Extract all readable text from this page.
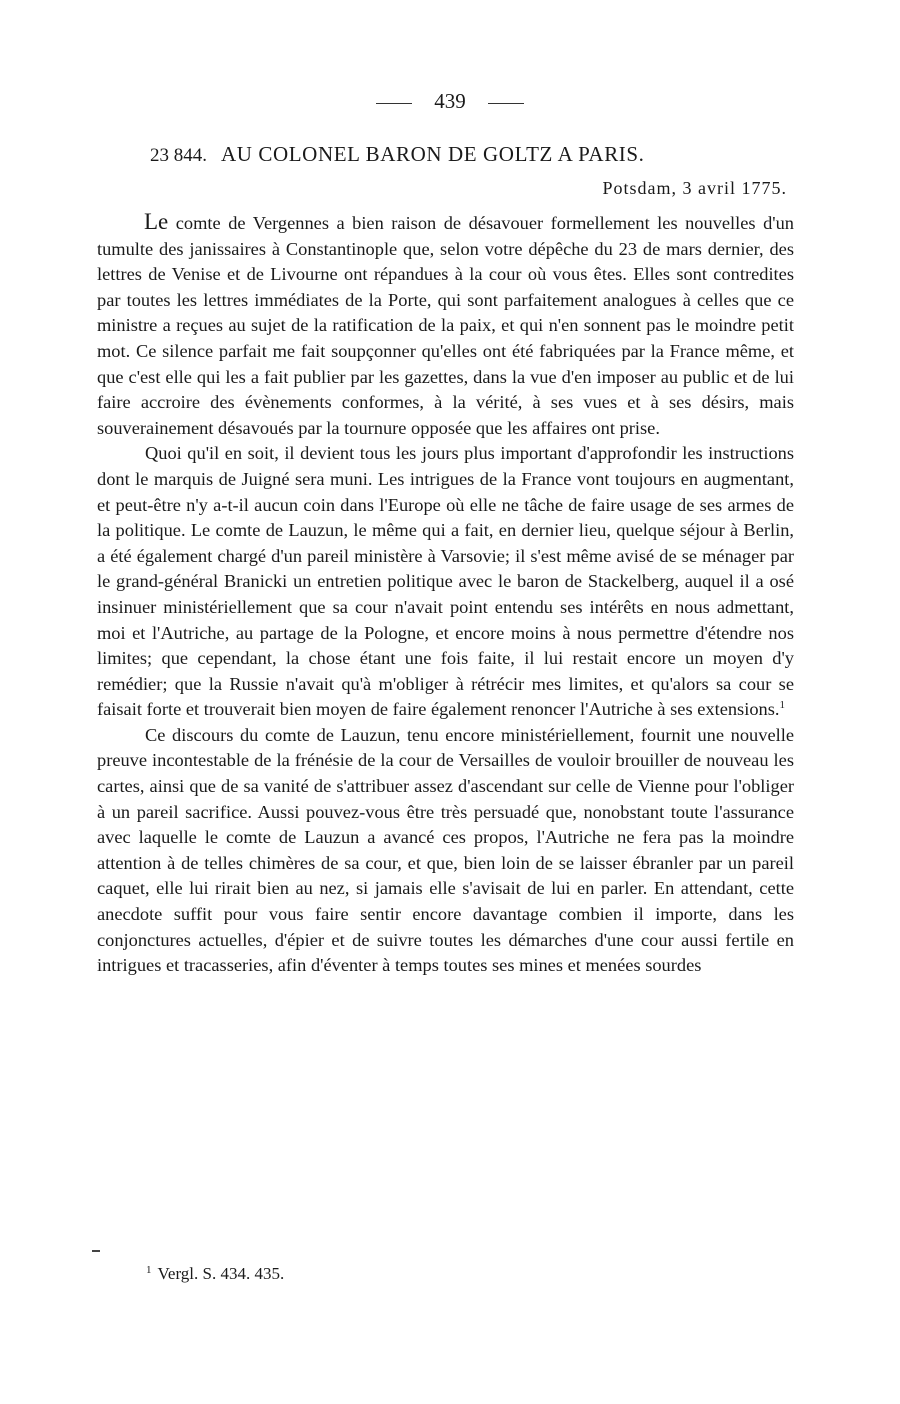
439
23 844. AU COLONEL BARON DE GOLTZ A PARIS.
Potsdam, 3 avril 1775.

Le comte de Vergennes a bien raison de désavouer formellement les nouvelles d'un tumulte des janissaires à Constantinople que, selon votre dépêche du 23 de mars dernier, des lettres de Venise et de Livourne ont répandues à la cour où vous êtes. Elles sont contredites par toutes les lettres immédiates de la Porte, qui sont parfaitement analogues à celles que ce ministre a reçues au sujet de la ratification de la paix, et qui n'en sonnent pas le moindre petit mot. Ce silence parfait me fait soupçonner qu'elles ont été fabriquées par la France même, et que c'est elle qui les a fait publier par les gazettes, dans la vue d'en imposer au public et de lui faire accroire des évènements conformes, à la vérité, à ses vues et à ses désirs, mais souverainement désavoués par la tournure opposée que les affaires ont prise.

Quoi qu'il en soit, il devient tous les jours plus important d'approfondir les instructions dont le marquis de Juigné sera muni. Les intrigues de la France vont toujours en augmentant, et peut-être n'y a-t-il aucun coin dans l'Europe où elle ne tâche de faire usage de ses armes de la politique. Le comte de Lauzun, le même qui a fait, en dernier lieu, quelque séjour à Berlin, a été également chargé d'un pareil ministère à Varsovie; il s'est même avisé de se ménager par le grand-général Branicki un entretien politique avec le baron de Stackelberg, auquel il a osé insinuer ministériellement que sa cour n'avait point entendu ses intérêts en nous admettant, moi et l'Autriche, au partage de la Pologne, et encore moins à nous permettre d'étendre nos limites; que cependant, la chose étant une fois faite, il lui restait encore un moyen d'y remédier; que la Russie n'avait qu'à m'obliger à rétrécir mes limites, et qu'alors sa cour se faisait forte et trouverait bien moyen de faire également renoncer l'Autriche à ses extensions.$^1$

Ce discours du comte de Lauzun, tenu encore ministériellement, fournit une nouvelle preuve incontestable de la frénésie de la cour de Versailles de vouloir brouiller de nouveau les cartes, ainsi que de sa vanité de s'attribuer assez d'ascendant sur celle de Vienne pour l'obliger à un pareil sacrifice. Aussi pouvez-vous être très persuadé que, nonobstant toute l'assurance avec laquelle le comte de Lauzun a avancé ces propos, l'Autriche ne fera pas la moindre attention à de telles chimères de sa cour, et que, bien loin de se laisser ébranler par un pareil caquet, elle lui rirait bien au nez, si jamais elle s'avisait de lui en parler. En attendant, cette anecdote suffit pour vous faire sentir encore davantage combien il importe, dans les conjonctures actuelles, d'épier et de suivre toutes les démarches d'une cour aussi fertile en intrigues et tracasseries, afin d'éventer à temps toutes ses mines et menées sourdes

$^1$ Vergl. S. 434. 435.
